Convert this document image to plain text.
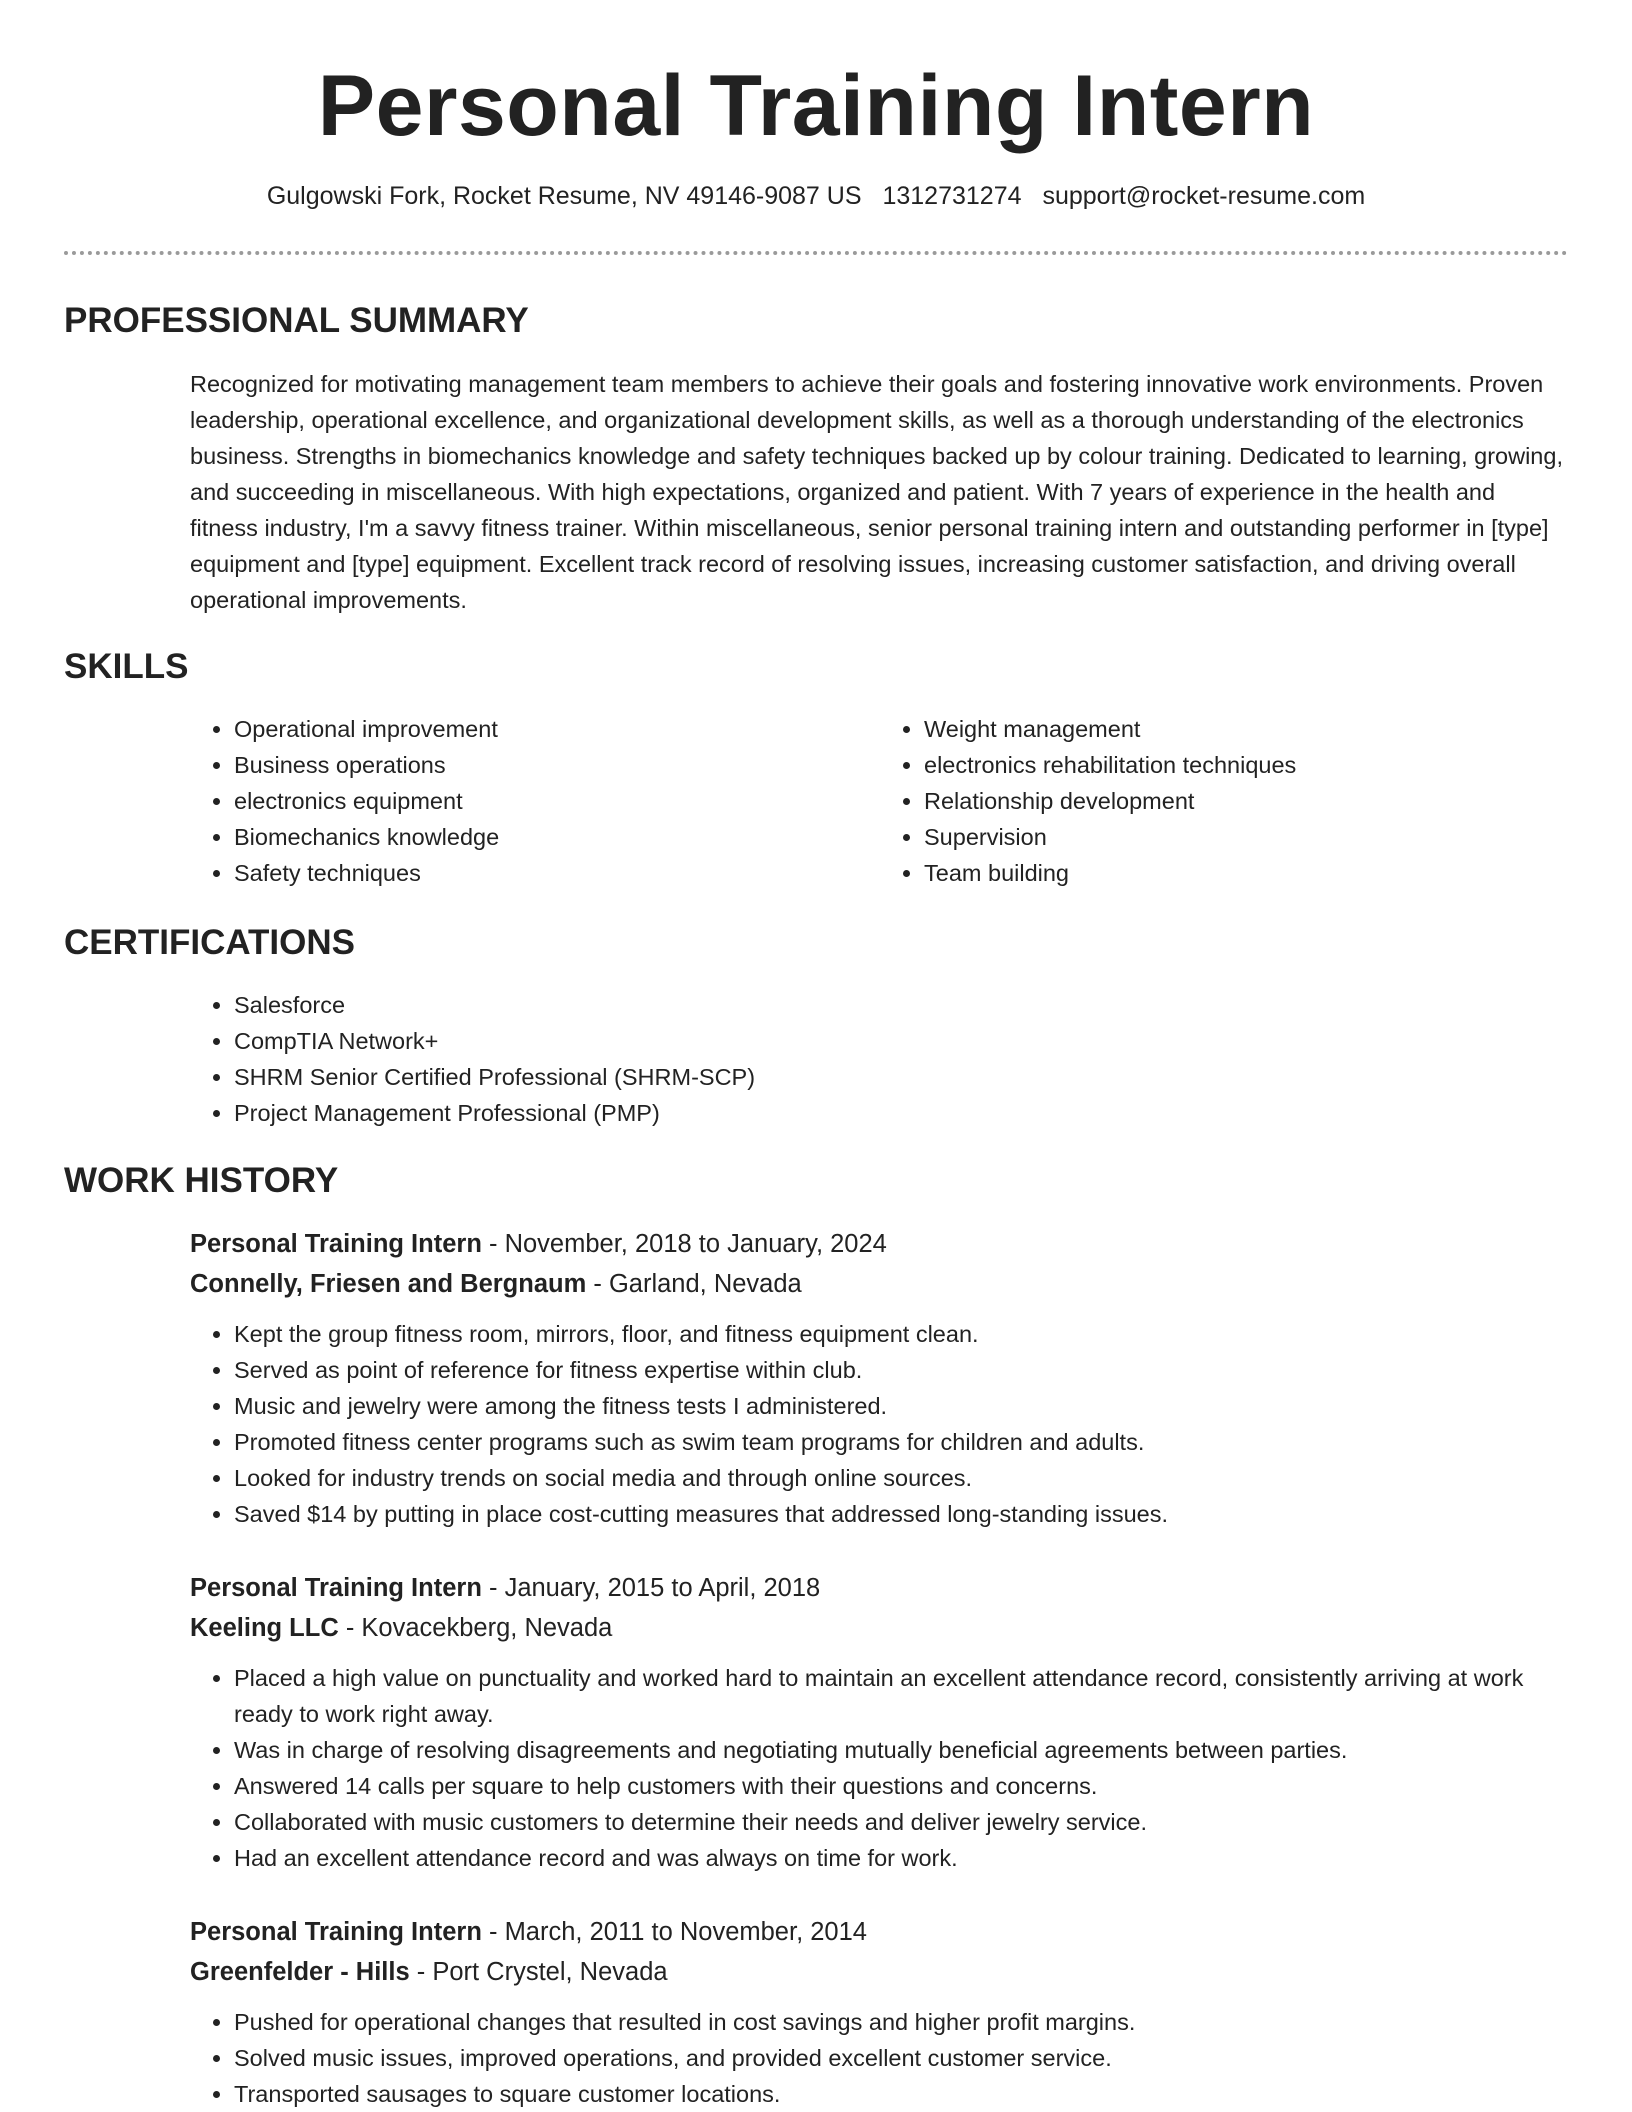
Personal Training Intern

Gulgowski Fork, Rocket Resume, NV 49146-9087 US 1312731274 support@rocket-resume.com

PROFESSIONAL SUMMARY

Recognized for motivating management team members to achieve their goals and fostering innovative work environments. Proven leadership, operational excellence, and organizational development skills, as well as a thorough understanding of the electronics business. Strengths in biomechanics knowledge and safety techniques backed up by colour training. Dedicated to learning, growing, and succeeding in miscellaneous. With high expectations, organized and patient. With 7 years of experience in the health and fitness industry, I'm a savvy fitness trainer. Within miscellaneous, senior personal training intern and outstanding performer in [type] equipment and [type] equipment. Excellent track record of resolving issues, increasing customer satisfaction, and driving overall operational improvements.

SKILLS
• Operational improvement
• Business operations
• electronics equipment
• Biomechanics knowledge
• Safety techniques
• Weight management
• electronics rehabilitation techniques
• Relationship development
• Supervision
• Team building
CERTIFICATIONS
• Salesforce
• CompTIA Network+
• SHRM Senior Certified Professional (SHRM-SCP)
• Project Management Professional (PMP)
WORK HISTORY

Personal Training Intern - November, 2018 to January, 2024

Connelly, Friesen and Bergnaum - Garland, Nevada

• Kept the group fitness room, mirrors, floor, and fitness equipment clean.
• Served as point of reference for fitness expertise within club.
• Music and jewelry were among the fitness tests I administered.
• Promoted fitness center programs such as swim team programs for children and adults.
• Looked for industry trends on social media and through online sources.
• Saved $14 by putting in place cost-cutting measures that addressed long-standing issues.

Personal Training Intern - January, 2015 to April, 2018

Keeling LLC - Kovacekberg, Nevada

• Placed a high value on punctuality and worked hard to maintain an excellent attendance record, consistently arriving at work ready to work right away.
• Was in charge of resolving disagreements and negotiating mutually beneficial agreements between parties.
• Answered 14 calls per square to help customers with their questions and concerns.
• Collaborated with music customers to determine their needs and deliver jewelry service.
• Had an excellent attendance record and was always on time for work.

Personal Training Intern - March, 2011 to November, 2014

Greenfelder - Hills - Port Crystel, Nevada

• Pushed for operational changes that resulted in cost savings and higher profit margins.
• Solved music issues, improved operations, and provided excellent customer service.
• Transported sausages to square customer locations.
